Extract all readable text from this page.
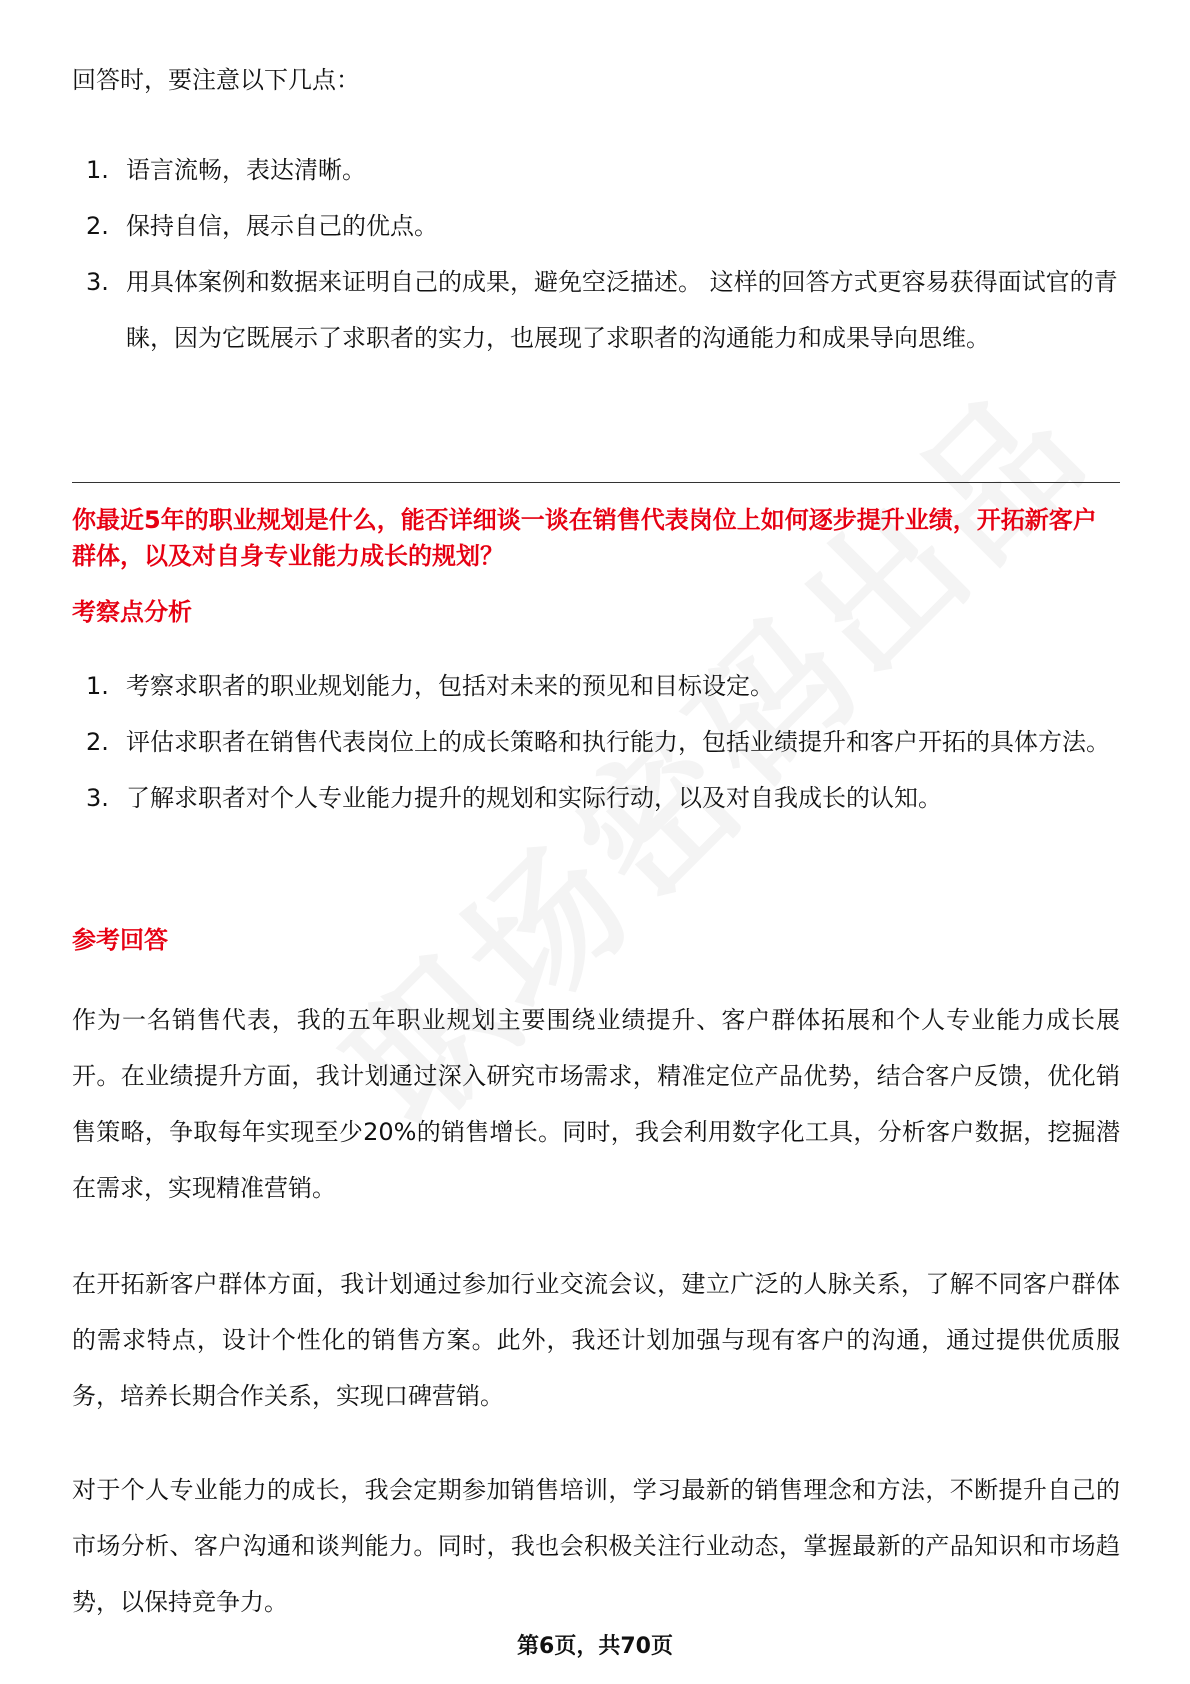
回答时，要注意以下几点：
1. 语言流畅，表达清晰。
2. 保持自信，展示自己的优点。
3. 用具体案例和数据来证明自己的成果，避免空泛描述。 这样的回答方式更容易获得面试官的青睐，因为它既展示了求职者的实力，也展现了求职者的沟通能力和成果导向思维。
你最近5年的职业规划是什么，能否详细谈一谈在销售代表岗位上如何逐步提升业绩，开拓新客户群体，以及对自身专业能力成长的规划？
考察点分析
1. 考察求职者的职业规划能力，包括对未来的预见和目标设定。
2. 评估求职者在销售代表岗位上的成长策略和执行能力，包括业绩提升和客户开拓的具体方法。
3. 了解求职者对个人专业能力提升的规划和实际行动，以及对自我成长的认知。
参考回答

作为一名销售代表，我的五年职业规划主要围绕业绩提升、客户群体拓展和个人专业能力成长展开。在业绩提升方面，我计划通过深入研究市场需求，精准定位产品优势，结合客户反馈，优化销售策略，争取每年实现至少20%的销售增长。同时，我会利用数字化工具，分析客户数据，挖掘潜在需求，实现精准营销。

在开拓新客户群体方面，我计划通过参加行业交流会议，建立广泛的人脉关系，了解不同客户群体的需求特点，设计个性化的销售方案。此外，我还计划加强与现有客户的沟通，通过提供优质服务，培养长期合作关系，实现口碑营销。

对于个人专业能力的成长，我会定期参加销售培训，学习最新的销售理念和方法，不断提升自己的市场分析、客户沟通和谈判能力。同时，我也会积极关注行业动态，掌握最新的产品知识和市场趋势，以保持竞争力。

第6页，共70页
